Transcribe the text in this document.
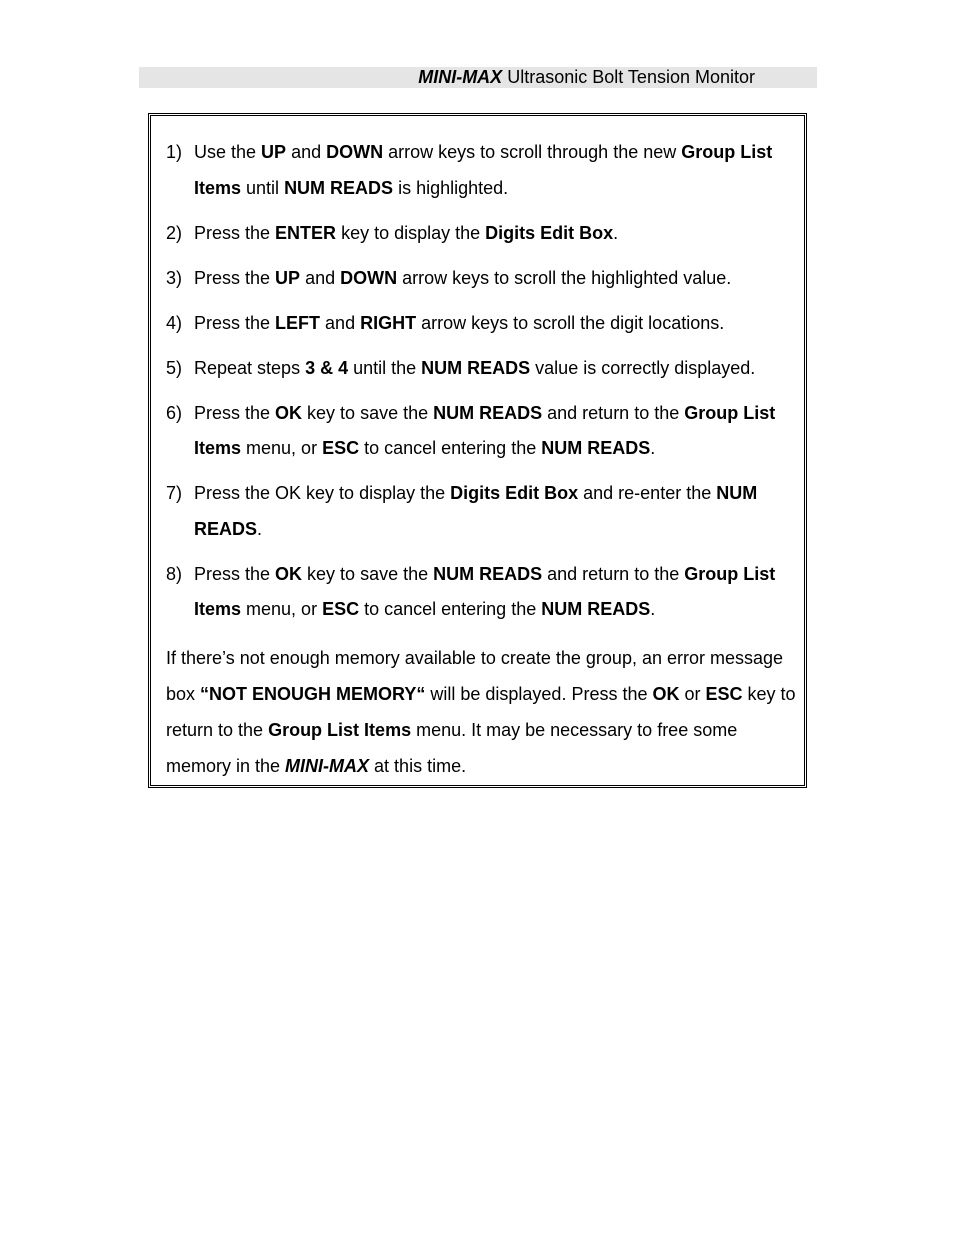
MINI-MAX Ultrasonic Bolt Tension Monitor
1) Use the UP and DOWN arrow keys to scroll through the new Group List Items until NUM READS is highlighted.
2) Press the ENTER key to display the Digits Edit Box.
3) Press the UP and DOWN arrow keys to scroll the highlighted value.
4) Press the LEFT and RIGHT arrow keys to scroll the digit locations.
5) Repeat steps 3 & 4 until the NUM READS value is correctly displayed.
6) Press the OK key to save the NUM READS and return to the Group List Items menu, or ESC to cancel entering the NUM READS.
7) Press the OK key to display the Digits Edit Box and re-enter the NUM READS.
8) Press the OK key to save the NUM READS and return to the Group List Items menu, or ESC to cancel entering the NUM READS.

If there’s not enough memory available to create the group, an error message box “NOT ENOUGH MEMORY“ will be displayed. Press the OK or ESC key to return to the Group List Items menu. It may be necessary to free some memory in the MINI-MAX at this time.
